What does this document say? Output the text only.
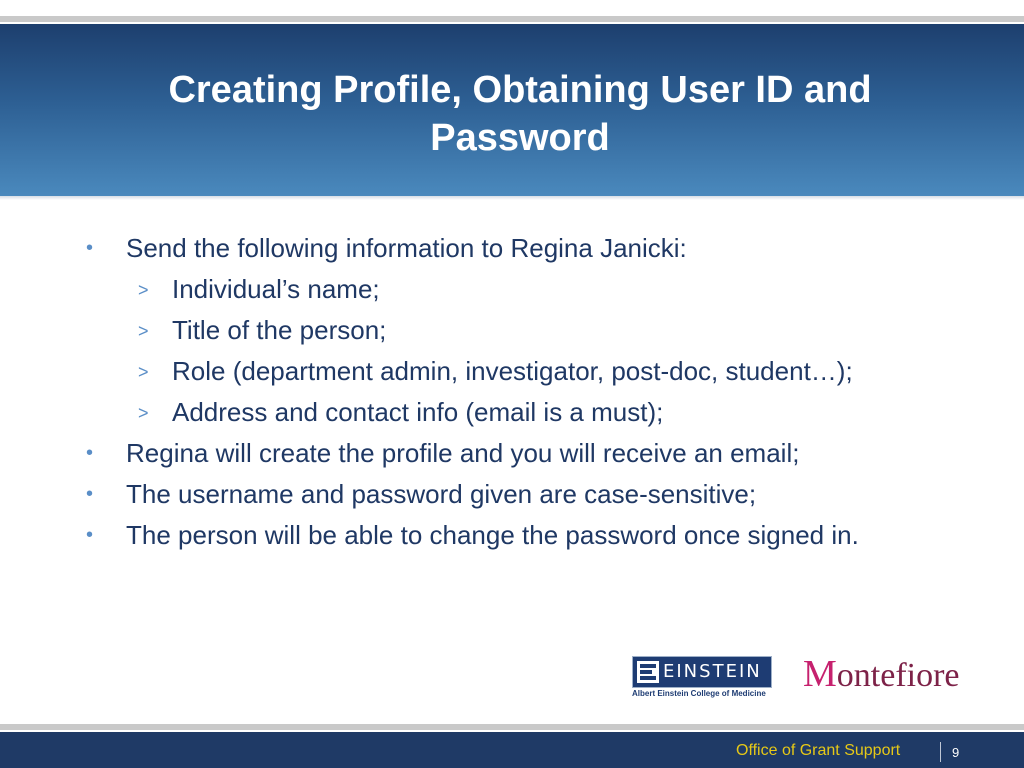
Creating Profile, Obtaining User ID and
Password
• Send the following information to Regina Janicki:
> Individual’s name;
> Title of the person;
> Role (department admin, investigator, post-doc, student…);
> Address and contact info (email is a must);
• Regina will create the profile and you will receive an email;
• The username and password given are case-sensitive;
• The person will be able to change the password once signed in.
EINSTEIN
Albert Einstein College of Medicine Montefiore
Office of Grant Support	9
